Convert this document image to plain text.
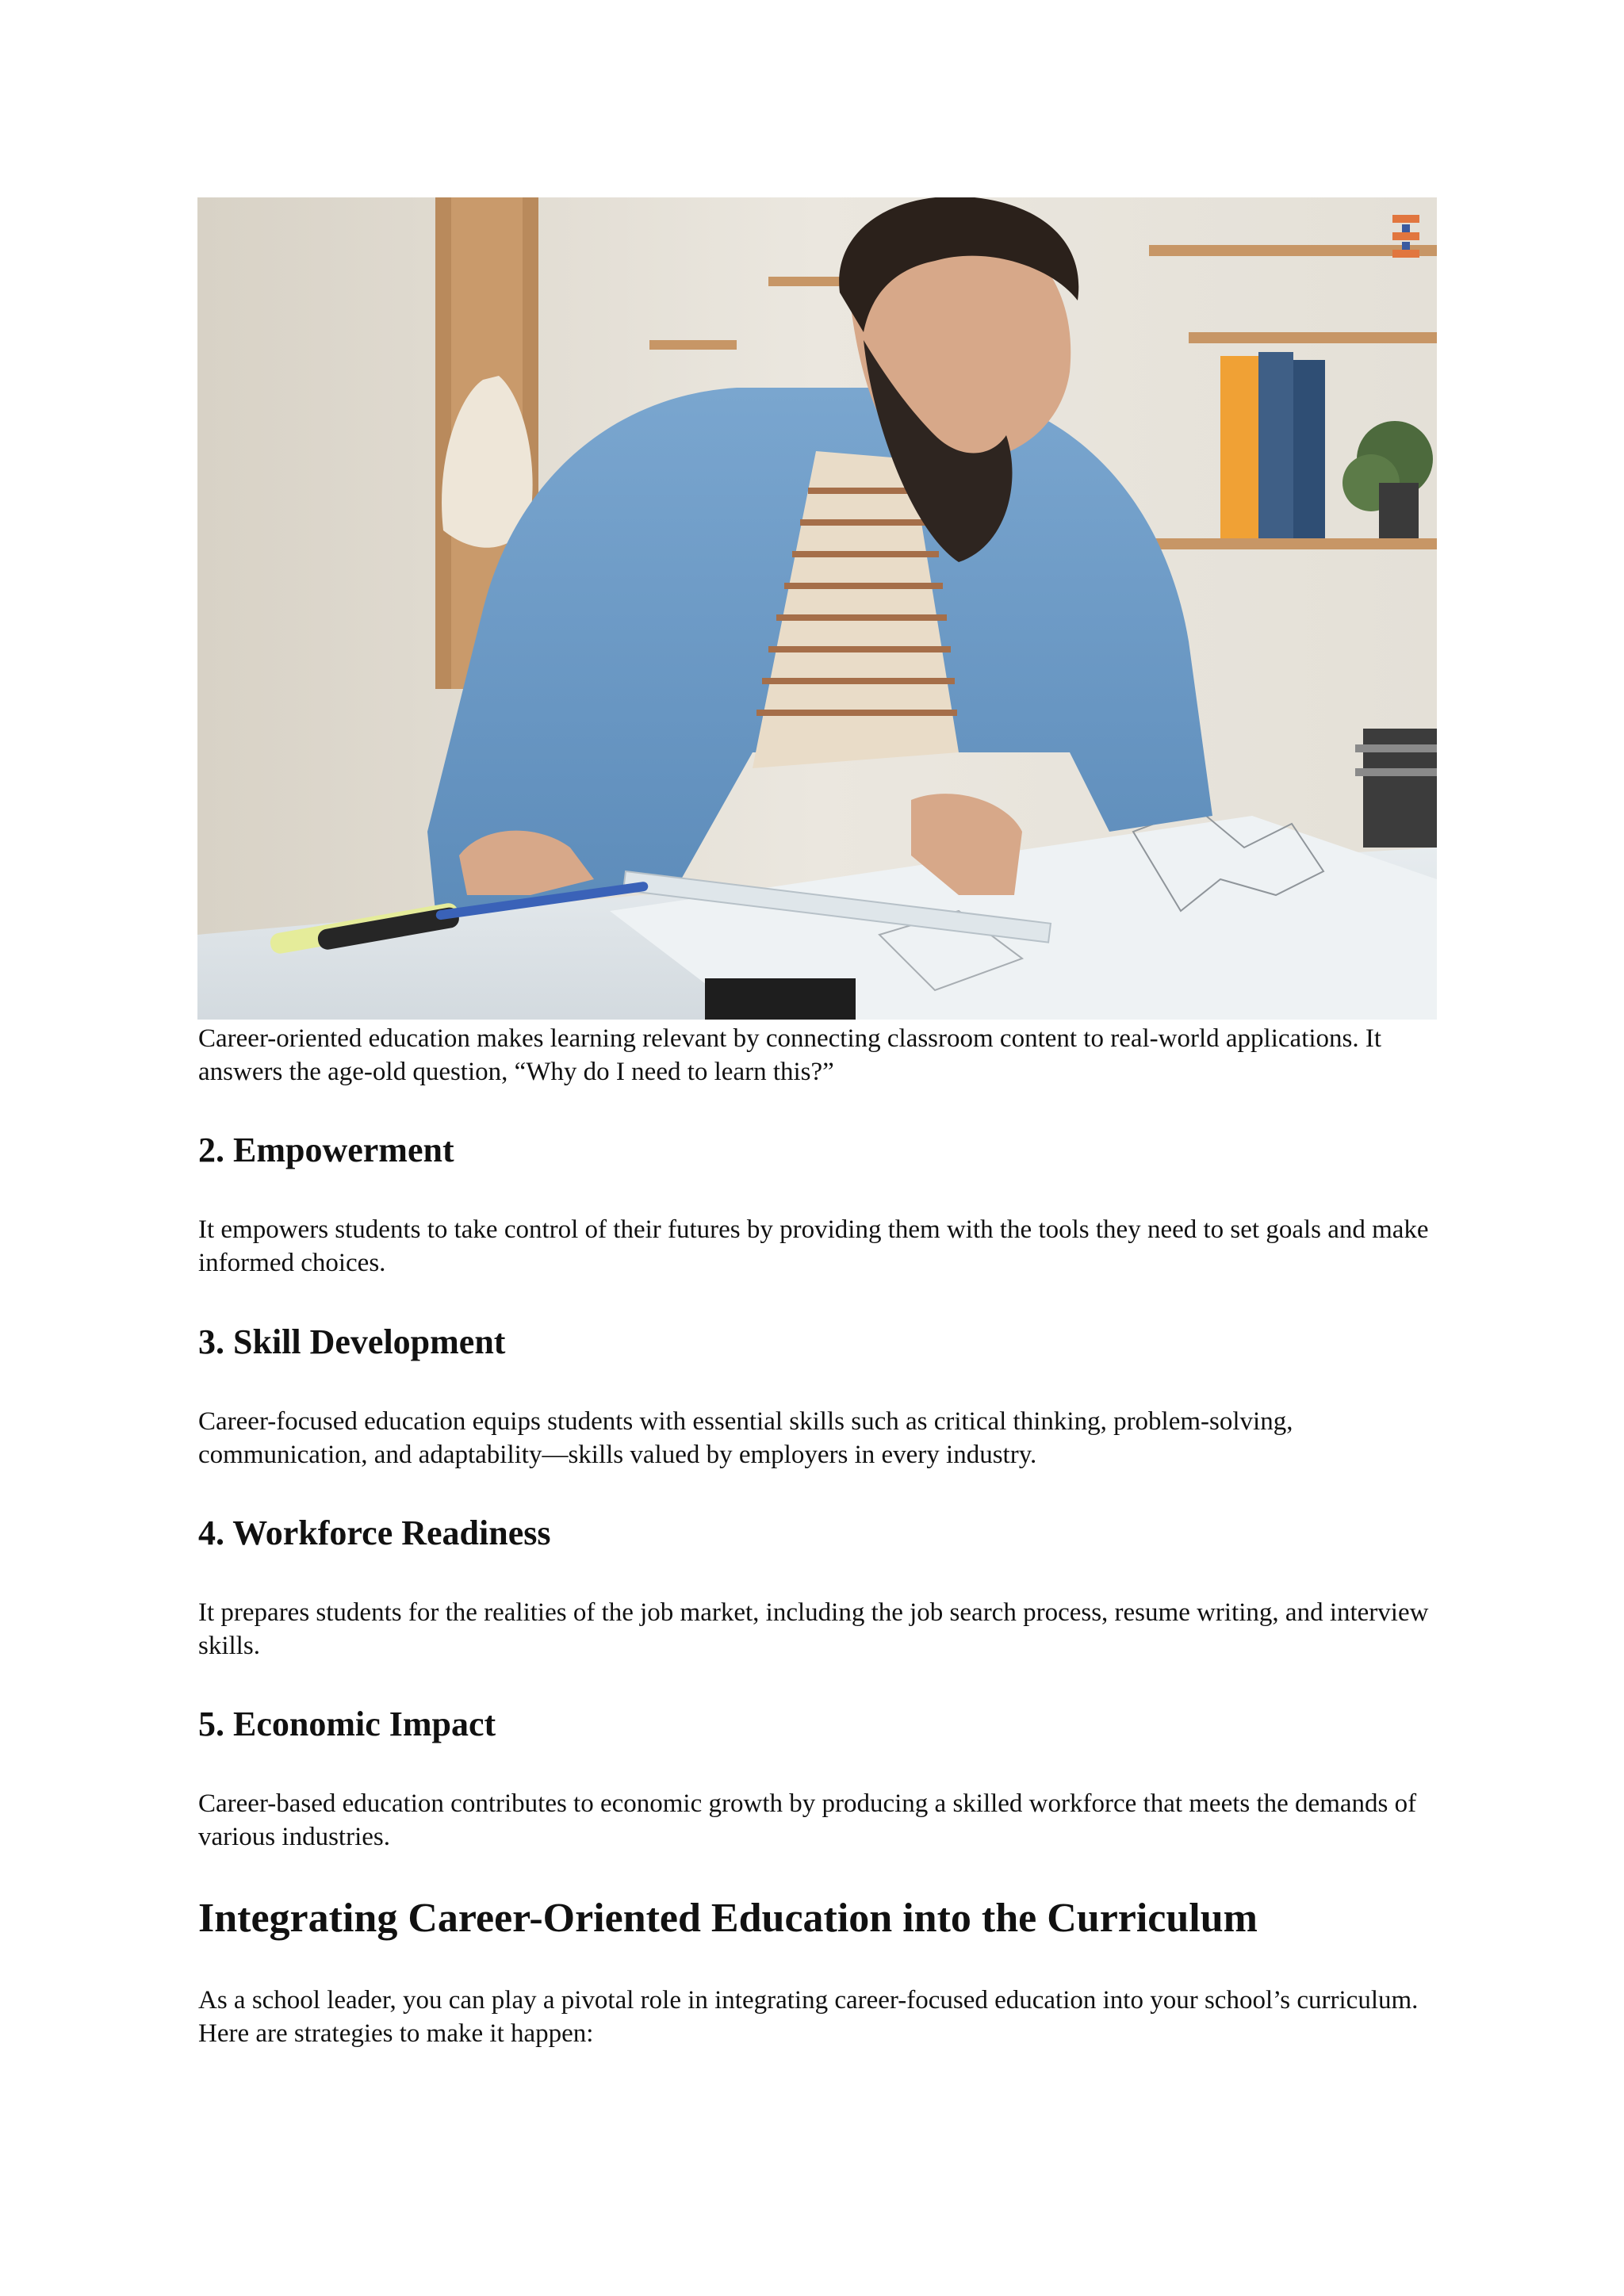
Career-oriented education makes learning relevant by connecting classroom content to real-world applications. It answers the age-old question, “Why do I need to learn this?”

2. Empowerment

It empowers students to take control of their futures by providing them with the tools they need to set goals and make informed choices.

3. Skill Development

Career-focused education equips students with essential skills such as critical thinking, problem-solving, communication, and adaptability—skills valued by employers in every industry.

4. Workforce Readiness

It prepares students for the realities of the job market, including the job search process, resume writing, and interview skills.

5. Economic Impact

Career-based education contributes to economic growth by producing a skilled workforce that meets the demands of various industries.

Integrating Career-Oriented Education into the Curriculum

As a school leader, you can play a pivotal role in integrating career-focused education into your school’s curriculum. Here are strategies to make it happen:
